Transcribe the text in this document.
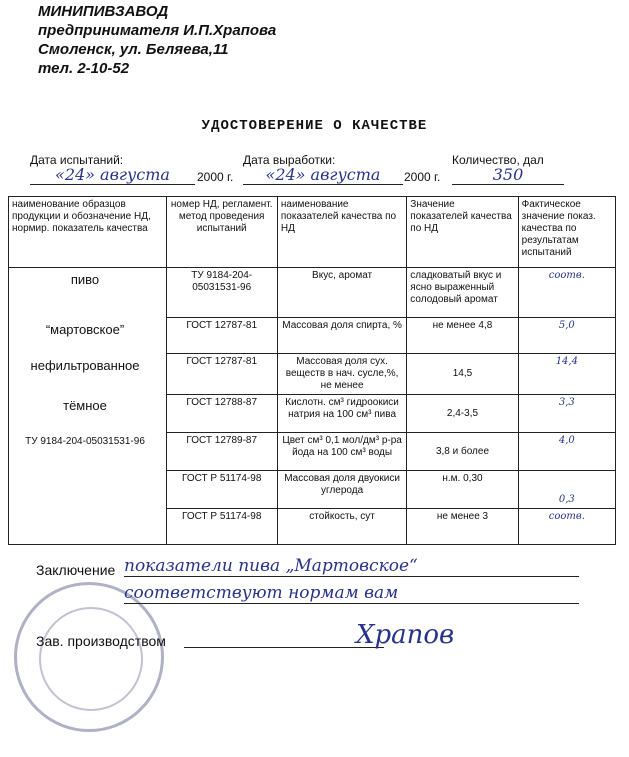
МИНИПИВЗАВОД
предпринимателя И.П.Храпова
Смоленск, ул. Беляева,11
тел. 2-10-52
УДОСТОВЕРЕНИЕ О КАЧЕСТВЕ
Дата испытаний:
«24» августа	2000 г.
Дата выработки:
«24» августа	2000 г.
Количество, дал
350
наименование образцов продукции и обозначение НД, нормир. показатель качества	номер НД, регламент. метод проведения испытаний	наименование показателей качества по НД	Значение показателей качества по НД	Фактическое значение показ. качества по результатам испытаний
	ТУ 9184-204-05031531-96	Вкус, аромат	сладковатый вкус и ясно выраженный солодовый аромат	соотв.
	ГОСТ 12787-81	Массовая доля спирта, %	не менее 4,8	5,0
	ГОСТ 12787-81	Массовая доля сух. веществ в нач. сусле,%, не менее	14,5	14,4
	ГОСТ 12788-87	Кислотн. см³ гидроокиси натрия на 100 см³ пива	2,4-3,5	3,3
	ГОСТ 12789-87	Цвет см³ 0,1 мол/дм³ р-ра йода на 100 см³ воды	3,8 и более	4,0
	ГОСТ Р 51174-98	Массовая доля двуокиси углерода	н.м. 0,30	0,3
	ГОСТ Р 51174-98	стойкость, сут	не менее 3	соотв.
пиво
“мартовское”
нефильтрованное
тёмное
ТУ 9184-204-05031531-96
Заключение показатели пива „Мартовское“
соответствуют нормам вам
Зав. производством	Храпов
